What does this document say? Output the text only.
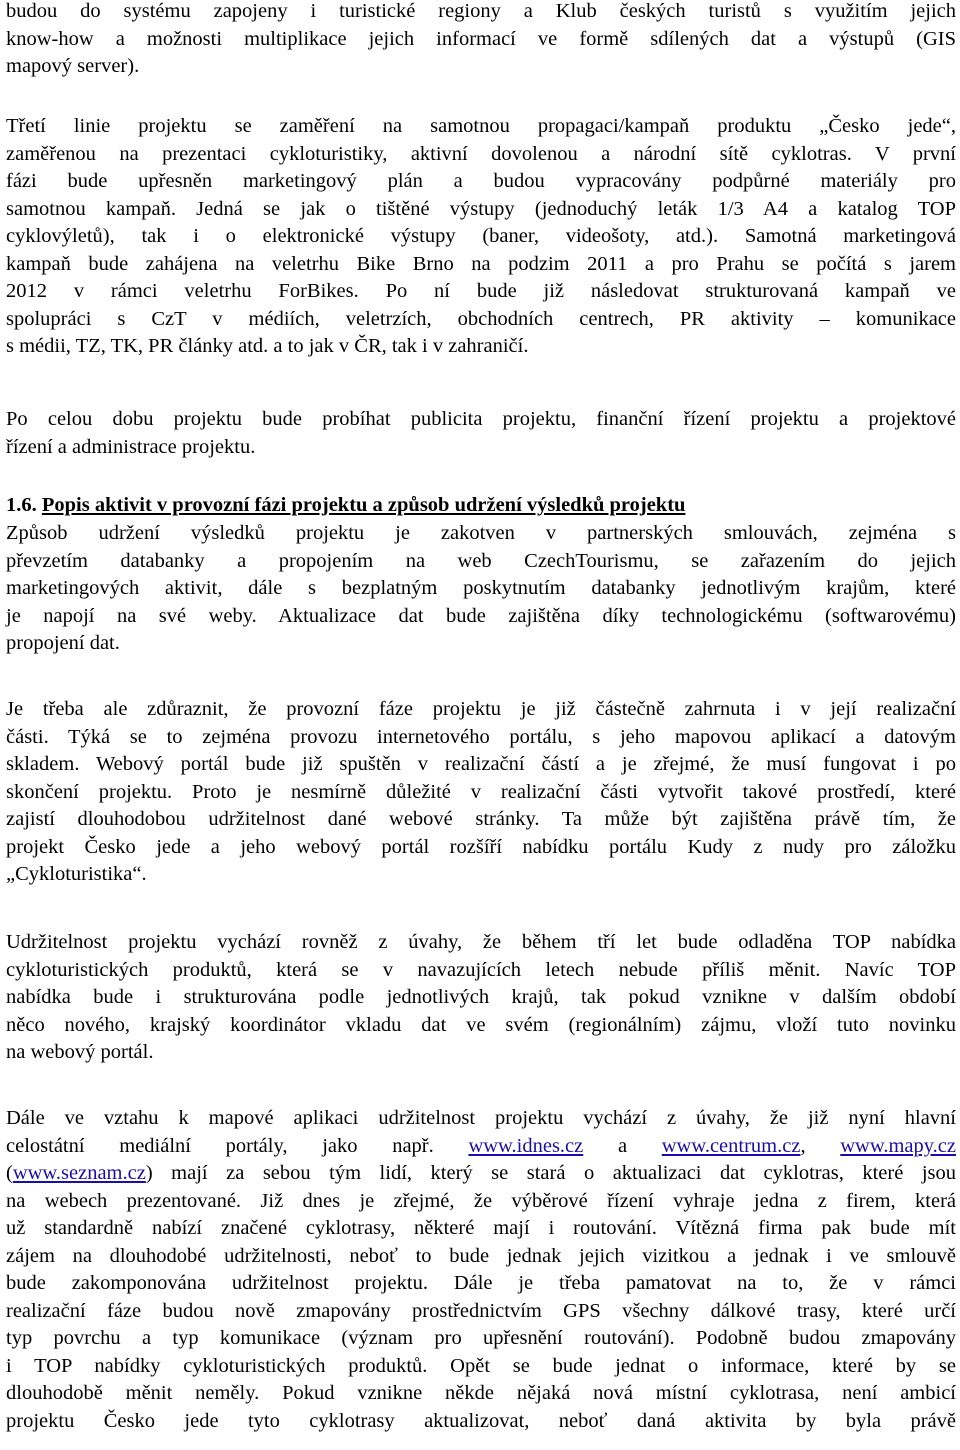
budou do systému zapojeny i turistické regiony a Klub českých turistů s využitím jejich
know-how a možnosti multiplikace jejich informací ve formě sdílených dat a výstupů (GIS
mapový server).
Třetí linie projektu se zaměření na samotnou propagaci/kampaň produktu „Česko jede“,
zaměřenou na prezentaci cykloturistiky, aktivní dovolenou a národní sítě cyklotras. V první
fázi bude upřesněn marketingový plán a budou vypracovány podpůrné materiály pro
samotnou kampaň. Jedná se jak o tištěné výstupy (jednoduchý leták 1/3 A4 a katalog TOP
cyklovýletů), tak i o elektronické výstupy (baner, videošoty, atd.). Samotná marketingová
kampaň bude zahájena na veletrhu Bike Brno na podzim 2011 a pro Prahu se počítá s jarem
2012 v rámci veletrhu ForBikes. Po ní bude již následovat strukturovaná kampaň ve
spolupráci s CzT v médiích, veletrzích, obchodních centrech, PR aktivity – komunikace
s médii, TZ, TK, PR články atd. a to jak v ČR, tak i v zahraničí.
Po celou dobu projektu bude probíhat publicita projektu, finanční řízení projektu a projektové
řízení a administrace projektu.
1.6. Popis aktivit v provozní fázi projektu a způsob udržení výsledků projektu
Způsob udržení výsledků projektu je zakotven v partnerských smlouvách, zejména s
převzetím databanky a propojením na web CzechTourismu, se zařazením do jejich
marketingových aktivit, dále s bezplatným poskytnutím databanky jednotlivým krajům, které
je napojí na své weby. Aktualizace dat bude zajištěna díky technologickému (softwarovému)
propojení dat.
Je třeba ale zdůraznit, že provozní fáze projektu je již částečně zahrnuta i v její realizační
části. Týká se to zejména provozu internetového portálu, s jeho mapovou aplikací a datovým
skladem. Webový portál bude již spuštěn v realizační částí a je zřejmé, že musí fungovat i po
skončení projektu. Proto je nesmírně důležité v realizační části vytvořit takové prostředí, které
zajistí dlouhodobou udržitelnost dané webové stránky. Ta může být zajištěna právě tím, že
projekt Česko jede a jeho webový portál rozšíří nabídku portálu Kudy z nudy pro záložku
„Cykloturistika“.
Udržitelnost projektu vychází rovněž z úvahy, že během tří let bude odladěna TOP nabídka
cykloturistických produktů, která se v navazujících letech nebude příliš měnit. Navíc TOP
nabídka bude i strukturována podle jednotlivých krajů, tak pokud vznikne v dalším období
něco nového, krajský koordinátor vkladu dat ve svém (regionálním) zájmu, vloží tuto novinku
na webový portál.
Dále ve vztahu k mapové aplikaci udržitelnost projektu vychází z úvahy, že již nyní hlavní
celostátní mediální portály, jako např. www.idnes.cz a www.centrum.cz, www.mapy.cz
(www.seznam.cz) mají za sebou tým lidí, který se stará o aktualizaci dat cyklotras, které jsou
na webech prezentované. Již dnes je zřejmé, že výběrové řízení vyhraje jedna z firem, která
už standardně nabízí značené cyklotrasy, některé mají i routování. Vítězná firma pak bude mít
zájem na dlouhodobé udržitelnosti, neboť to bude jednak jejich vizitkou a jednak i ve smlouvě
bude zakomponována udržitelnost projektu. Dále je třeba pamatovat na to, že v rámci
realizační fáze budou nově zmapovány prostřednictvím GPS všechny dálkové trasy, které určí
typ povrchu a typ komunikace (význam pro upřesnění routování). Podobně budou zmapovány
i TOP nabídky cykloturistických produktů. Opět se bude jednat o informace, které by se
dlouhodobě měnit neměly. Pokud vznikne někde nějaká nová místní cyklotrasa, není ambicí
projektu Česko jede tyto cyklotrasy aktualizovat, neboť daná aktivita by byla právě
